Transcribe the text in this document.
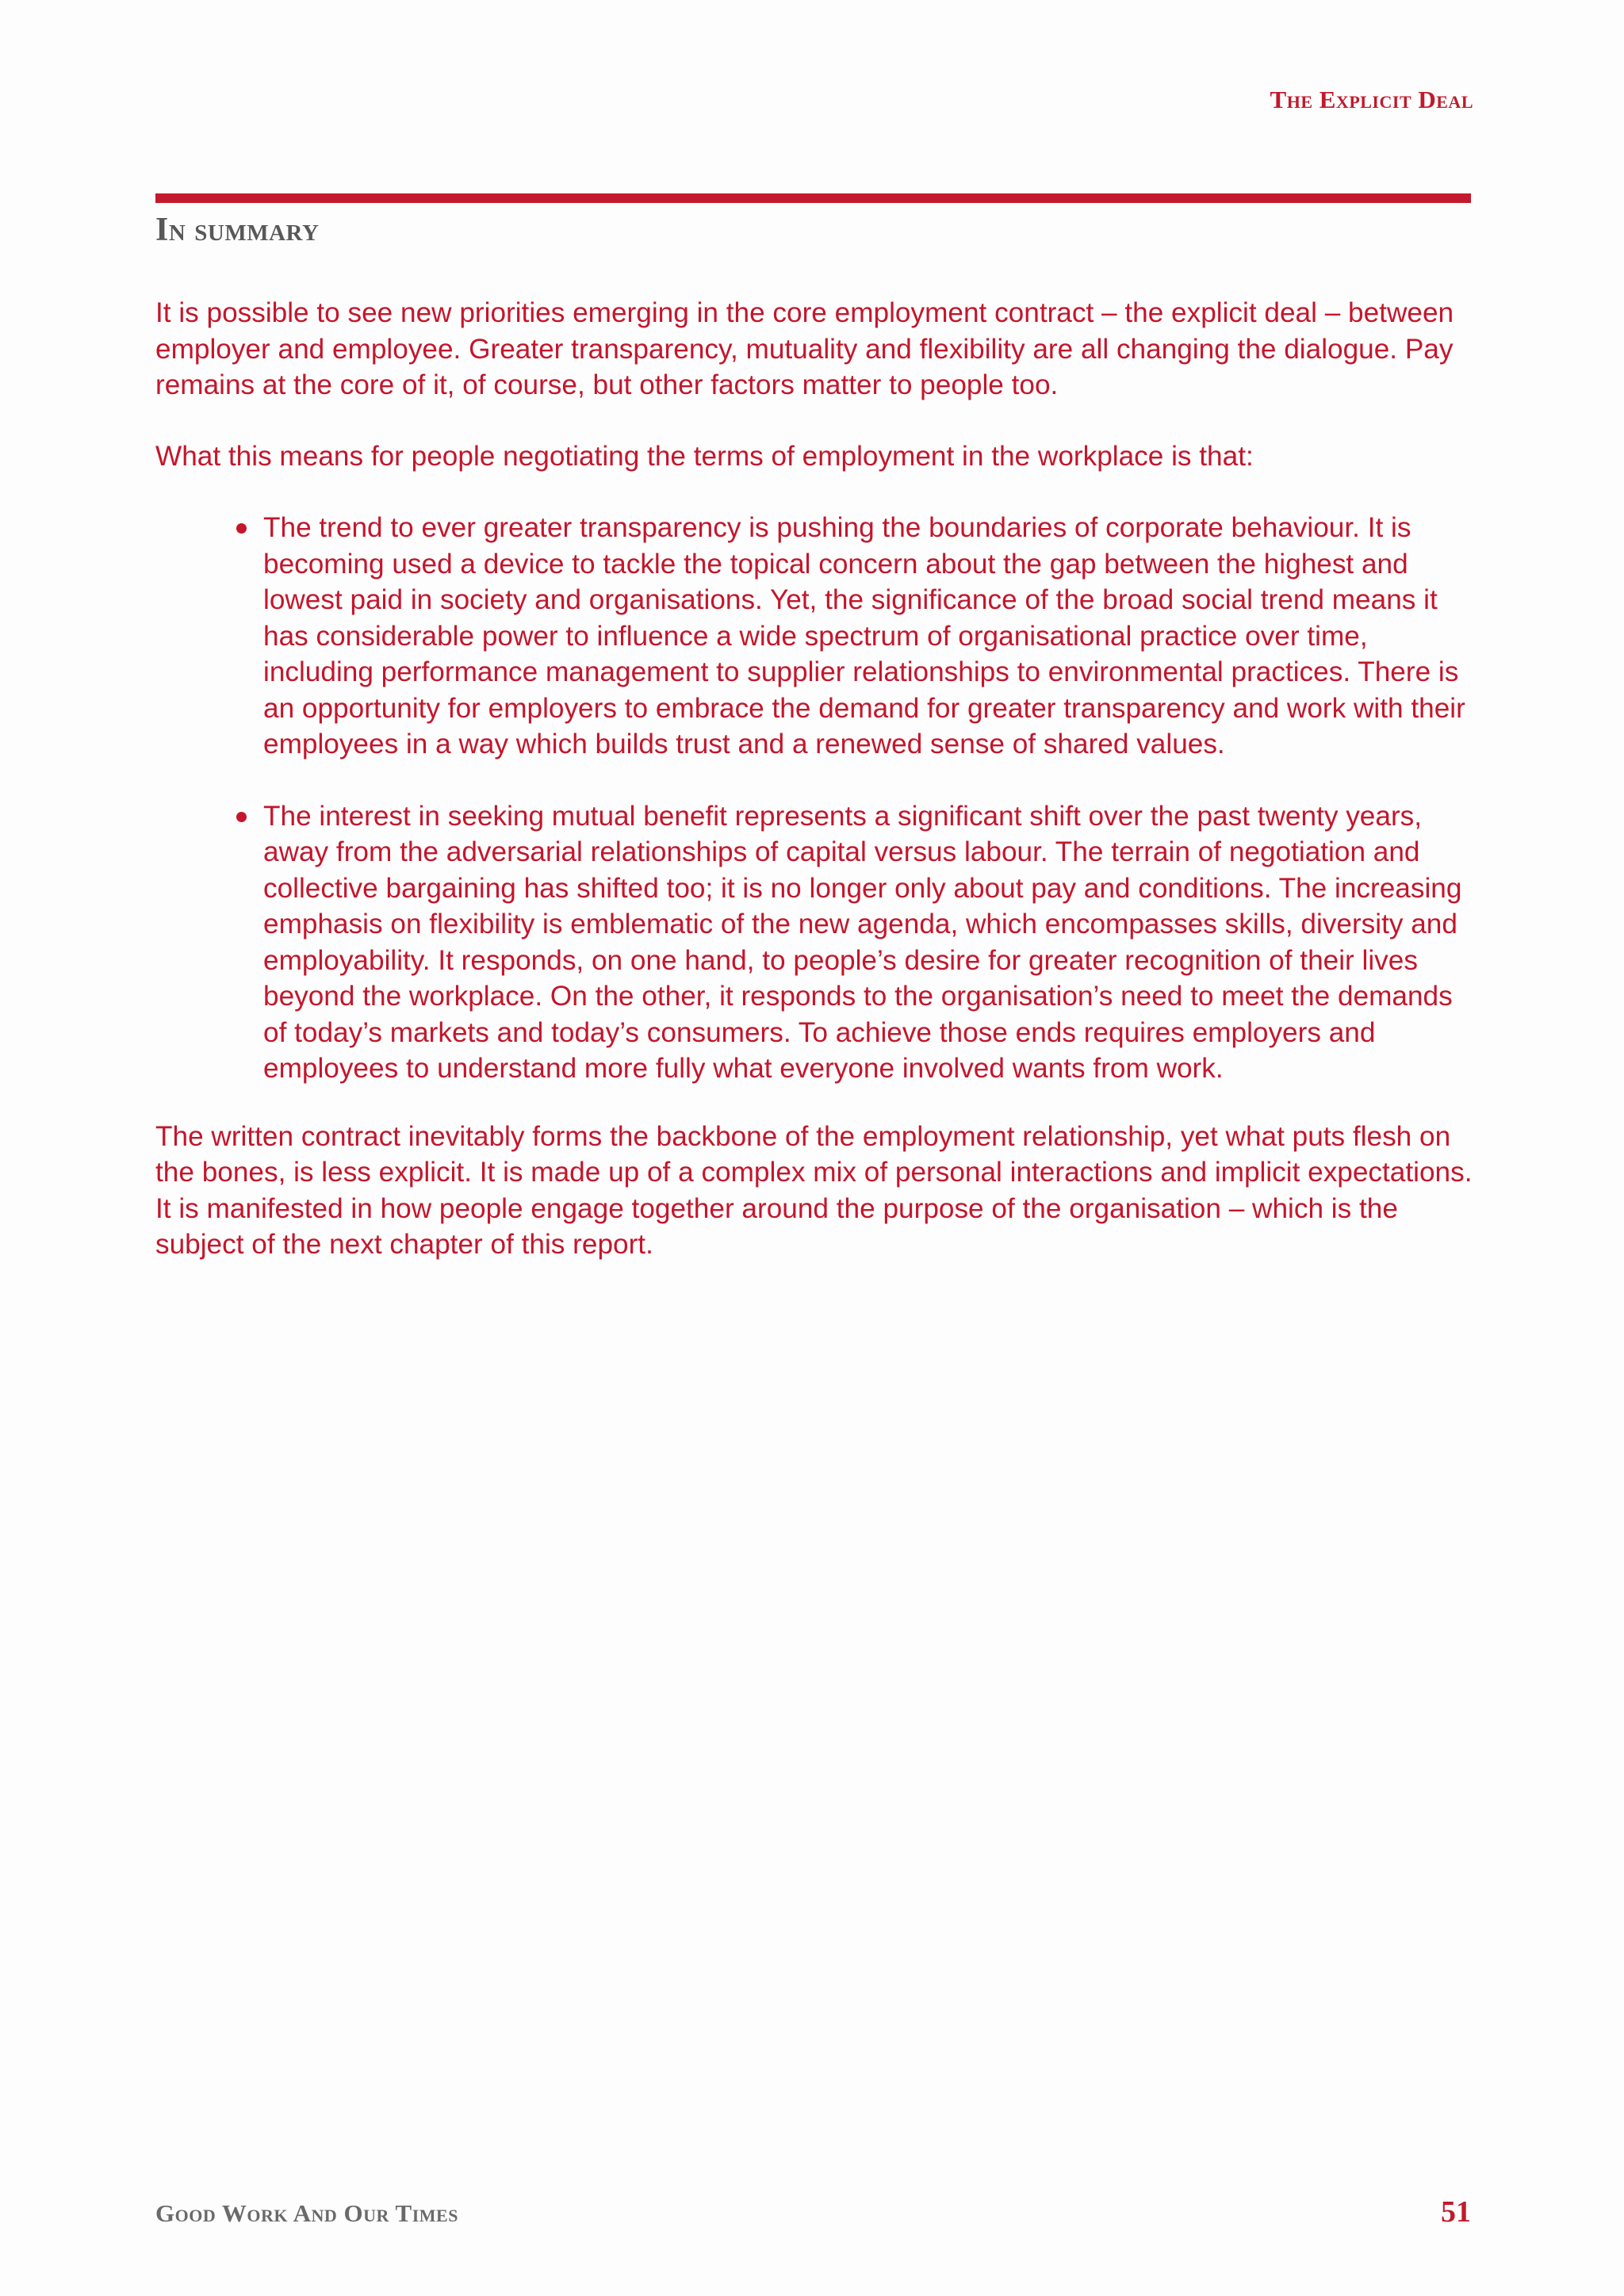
The Explicit Deal
In summary

It is possible to see new priorities emerging in the core employment contract – the explicit deal – between employer and employee. Greater transparency, mutuality and flexibility are all changing the dialogue. Pay remains at the core of it, of course, but other factors matter to people too.

What this means for people negotiating the terms of employment in the workplace is that:

The trend to ever greater transparency is pushing the boundaries of corporate behaviour. It is becoming used a device to tackle the topical concern about the gap between the highest and lowest paid in society and organisations. Yet, the significance of the broad social trend means it has considerable power to influence a wide spectrum of organisational practice over time, including performance management to supplier relationships to environmental practices. There is an opportunity for employers to embrace the demand for greater transparency and work with their employees in a way which builds trust and a renewed sense of shared values.
The interest in seeking mutual benefit represents a significant shift over the past twenty years, away from the adversarial relationships of capital versus labour. The terrain of negotiation and collective bargaining has shifted too; it is no longer only about pay and conditions. The increasing emphasis on flexibility is emblematic of the new agenda, which encompasses skills, diversity and employability. It responds, on one hand, to people’s desire for greater recognition of their lives beyond the workplace. On the other, it responds to the organisation’s need to meet the demands of today’s markets and today’s consumers. To achieve those ends requires employers and employees to understand more fully what everyone involved wants from work.

The written contract inevitably forms the backbone of the employment relationship, yet what puts flesh on the bones, is less explicit. It is made up of a complex mix of personal interactions and implicit expectations. It is manifested in how people engage together around the purpose of the organisation – which is the subject of the next chapter of this report.

Good Work And Our Times	51
